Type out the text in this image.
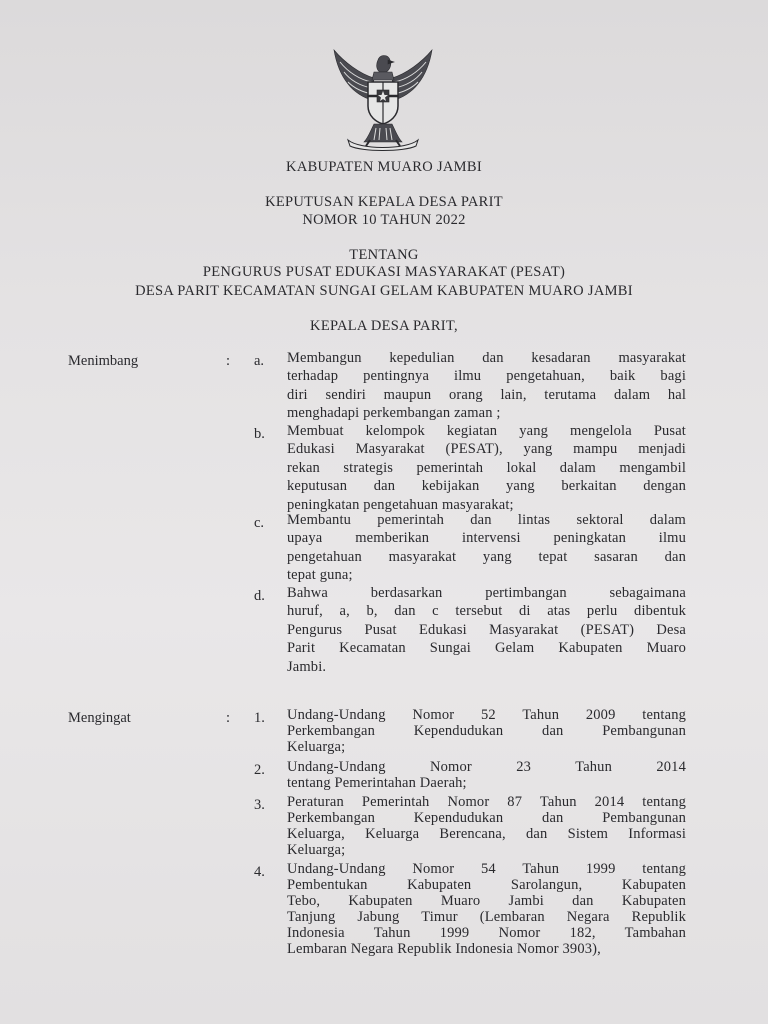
KABUPATEN MUARO JAMBI
KEPUTUSAN KEPALA DESA PARIT
NOMOR 10 TAHUN 2022
TENTANG
PENGURUS PUSAT EDUKASI MASYARAKAT (PESAT)
DESA PARIT KECAMATAN SUNGAI GELAM KABUPATEN MUARO JAMBI
KEPALA DESA PARIT,
Menimbang	: a. Membangun kepedulian dan kesadaran masyarakat
terhadap pentingnya ilmu pengetahuan, baik bagi
diri sendiri maupun orang lain, terutama dalam hal
menghadapi perkembangan zaman ;
b. Membuat kelompok kegiatan yang mengelola Pusat
Edukasi Masyarakat (PESAT), yang mampu menjadi
rekan strategis pemerintah lokal dalam mengambil
keputusan dan kebijakan yang berkaitan dengan
peningkatan pengetahuan masyarakat;
c. Membantu pemerintah dan lintas sektoral dalam
upaya memberikan intervensi peningkatan ilmu
pengetahuan masyarakat yang tepat sasaran dan
tepat guna;
d. Bahwa berdasarkan pertimbangan sebagaimana
huruf, a, b, dan c tersebut di atas perlu dibentuk
Pengurus Pusat Edukasi Masyarakat (PESAT) Desa
Parit Kecamatan Sungai Gelam Kabupaten Muaro
Jambi.
Mengingat	: 1. Undang-Undang Nomor 52 Tahun 2009 tentang
Perkembangan Kependudukan dan Pembangunan
Keluarga;
2. Undang-Undang Nomor 23 Tahun 2014
tentang Pemerintahan Daerah;
3. Peraturan Pemerintah Nomor 87 Tahun 2014 tentang
Perkembangan Kependudukan dan Pembangunan
Keluarga, Keluarga Berencana, dan Sistem Informasi
Keluarga;
4. Undang-Undang Nomor 54 Tahun 1999 tentang
Pembentukan Kabupaten Sarolangun, Kabupaten
Tebo, Kabupaten Muaro Jambi dan Kabupaten
Tanjung Jabung Timur (Lembaran Negara Republik
Indonesia Tahun 1999 Nomor 182, Tambahan
Lembaran Negara Republik Indonesia Nomor 3903),
